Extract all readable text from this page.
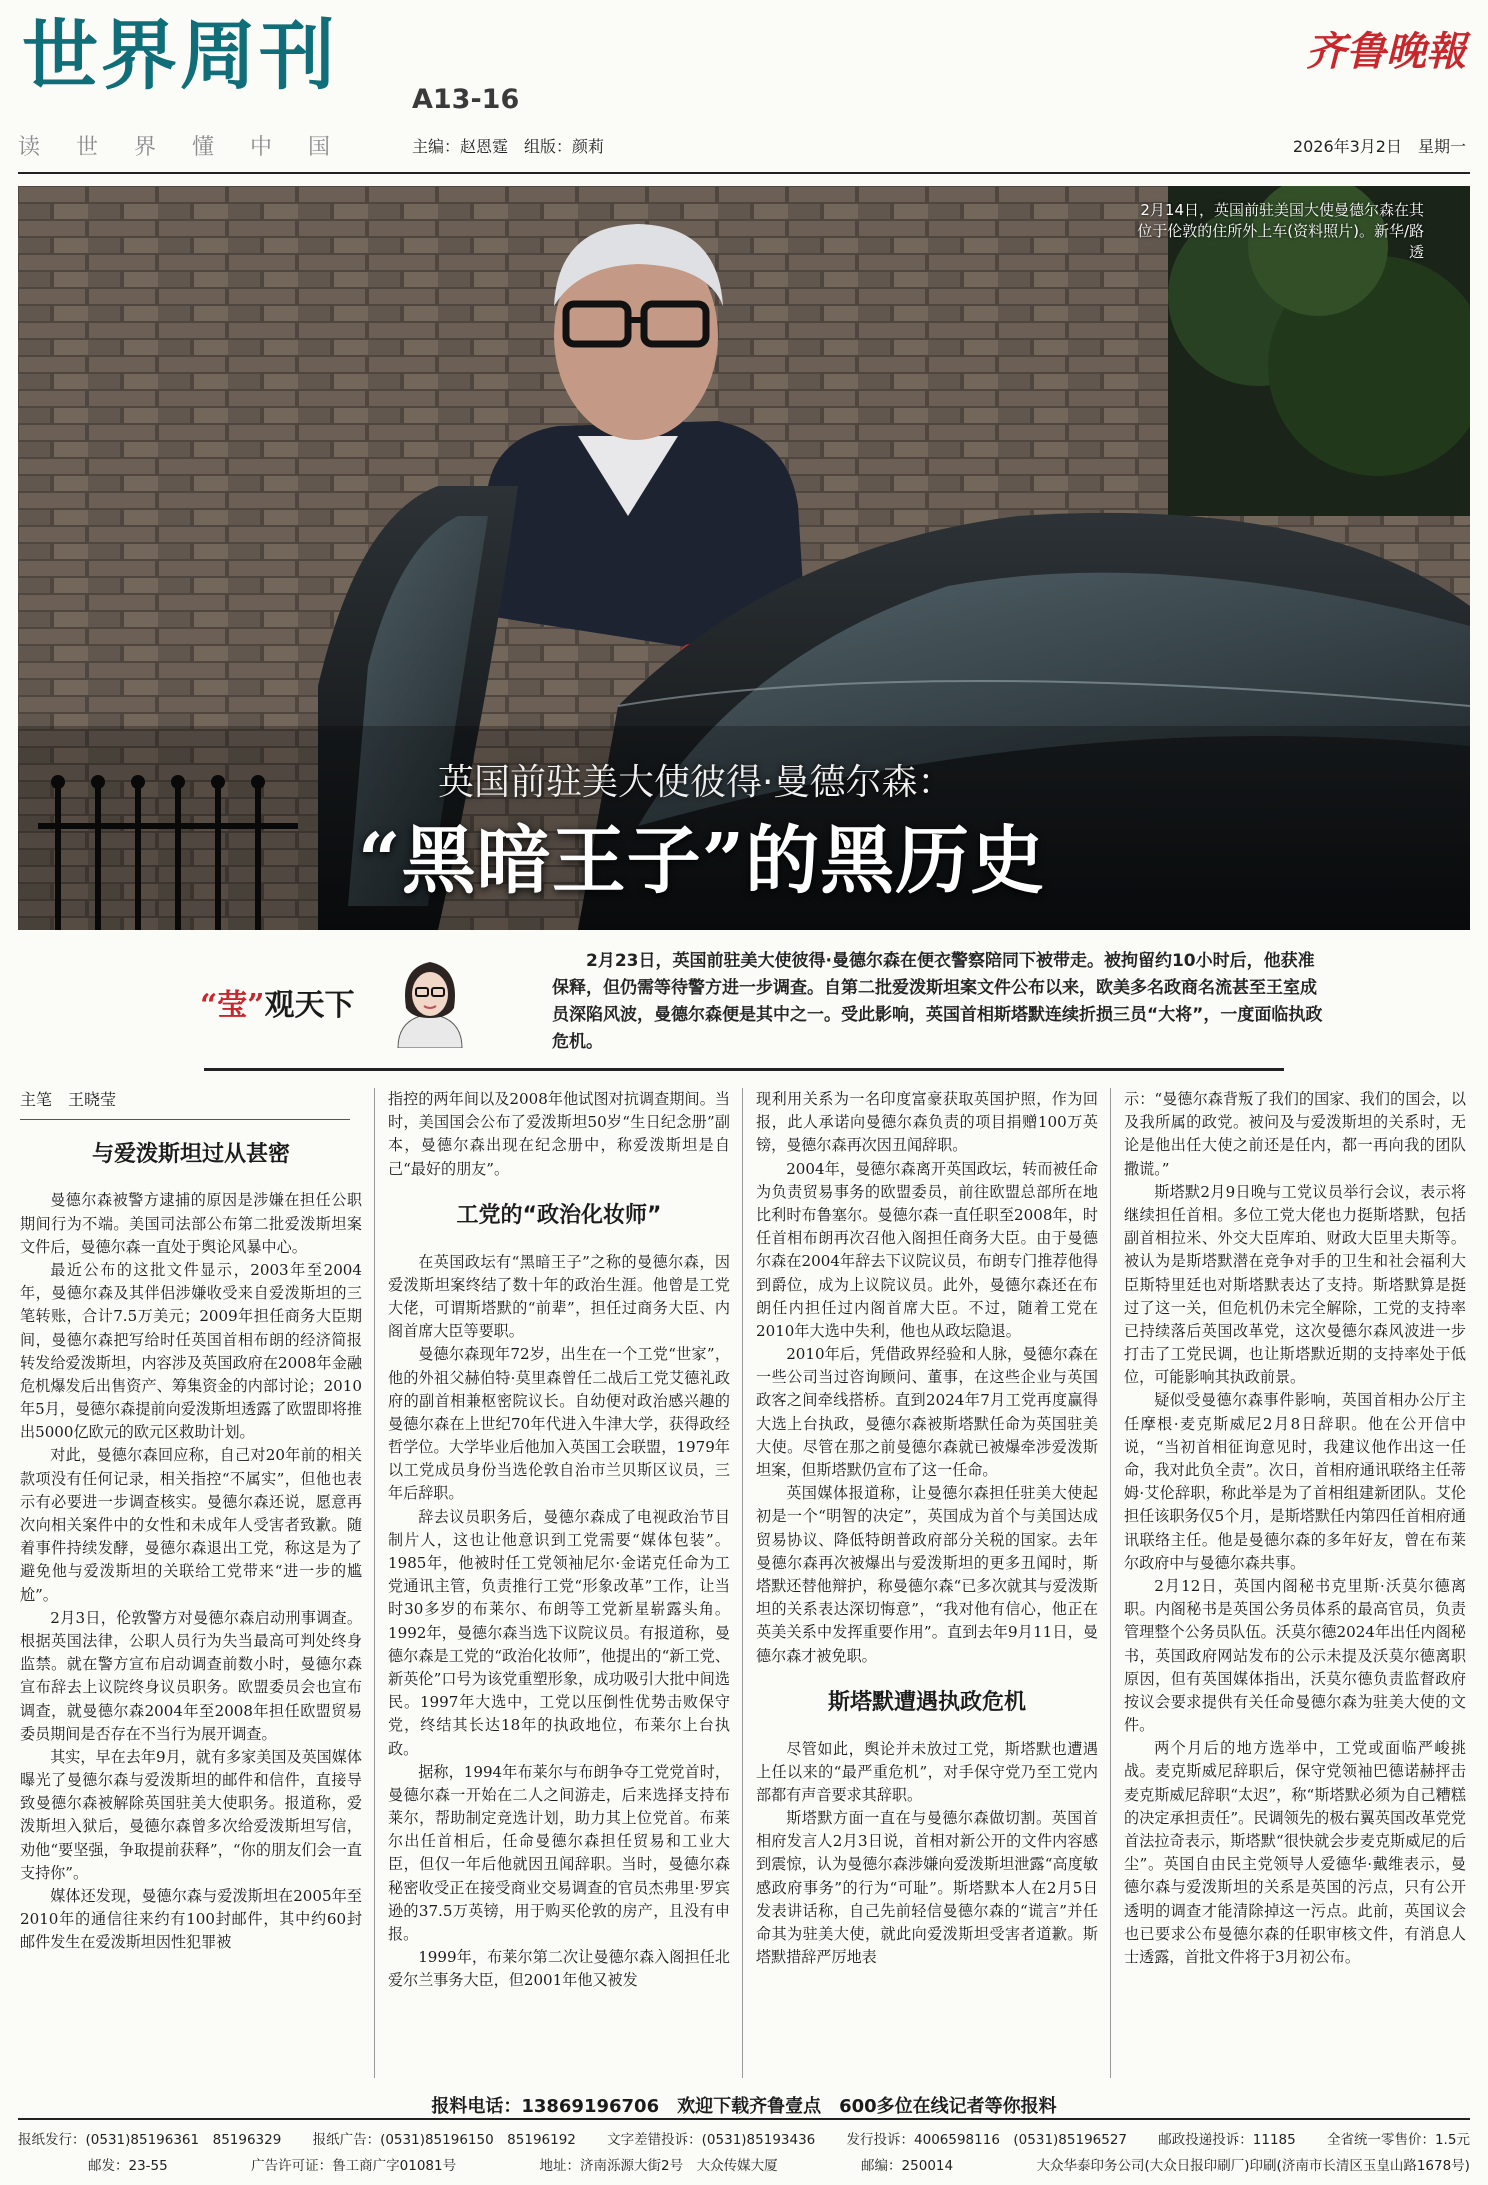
世界周刊	A13-16
齐鲁晚報
读世界懂中国	主编：赵恩霆　组版：颜莉	2026年3月2日　星期一
2月14日，英国前驻美国大使曼德尔森在其位于伦敦的住所外上车(资料照片)。新华/路透
英国前驻美大使彼得·曼德尔森：
“黑暗王子”的黑历史
“莹”观天下
2月23日，英国前驻美大使彼得·曼德尔森在便衣警察陪同下被带走。被拘留约10小时后，他获准保释，但仍需等待警方进一步调查。自第二批爱泼斯坦案文件公布以来，欧美多名政商名流甚至王室成员深陷风波，曼德尔森便是其中之一。受此影响，英国首相斯塔默连续折损三员“大将”，一度面临执政危机。
主笔　王晓莹
与爱泼斯坦过从甚密

曼德尔森被警方逮捕的原因是涉嫌在担任公职期间行为不端。美国司法部公布第二批爱泼斯坦案文件后，曼德尔森一直处于舆论风暴中心。

最近公布的这批文件显示，2003年至2004年，曼德尔森及其伴侣涉嫌收受来自爱泼斯坦的三笔转账，合计7.5万美元；2009年担任商务大臣期间，曼德尔森把写给时任英国首相布朗的经济简报转发给爱泼斯坦，内容涉及英国政府在2008年金融危机爆发后出售资产、筹集资金的内部讨论；2010年5月，曼德尔森提前向爱泼斯坦透露了欧盟即将推出5000亿欧元的欧元区救助计划。

对此，曼德尔森回应称，自己对20年前的相关款项没有任何记录，相关指控“不属实”，但他也表示有必要进一步调查核实。曼德尔森还说，愿意再次向相关案件中的女性和未成年人受害者致歉。随着事件持续发酵，曼德尔森退出工党，称这是为了避免他与爱泼斯坦的关联给工党带来“进一步的尴尬”。

2月3日，伦敦警方对曼德尔森启动刑事调查。根据英国法律，公职人员行为失当最高可判处终身监禁。就在警方宣布启动调查前数小时，曼德尔森宣布辞去上议院终身议员职务。欧盟委员会也宣布调查，就曼德尔森2004年至2008年担任欧盟贸易委员期间是否存在不当行为展开调查。

其实，早在去年9月，就有多家美国及英国媒体曝光了曼德尔森与爱泼斯坦的邮件和信件，直接导致曼德尔森被解除英国驻美大使职务。报道称，爱泼斯坦入狱后，曼德尔森曾多次给爱泼斯坦写信，劝他“要坚强，争取提前获释”，“你的朋友们会一直支持你”。

媒体还发现，曼德尔森与爱泼斯坦在2005年至2010年的通信往来约有100封邮件，其中约60封邮件发生在爱泼斯坦因性犯罪被

指控的两年间以及2008年他试图对抗调查期间。当时，美国国会公布了爱泼斯坦50岁“生日纪念册”副本，曼德尔森出现在纪念册中，称爱泼斯坦是自己“最好的朋友”。

工党的“政治化妆师”

在英国政坛有“黑暗王子”之称的曼德尔森，因爱泼斯坦案终结了数十年的政治生涯。他曾是工党大佬，可谓斯塔默的“前辈”，担任过商务大臣、内阁首席大臣等要职。

曼德尔森现年72岁，出生在一个工党“世家”，他的外祖父赫伯特·莫里森曾任二战后工党艾德礼政府的副首相兼枢密院议长。自幼便对政治感兴趣的曼德尔森在上世纪70年代进入牛津大学，获得政经哲学位。大学毕业后他加入英国工会联盟，1979年以工党成员身份当选伦敦自治市兰贝斯区议员，三年后辞职。

辞去议员职务后，曼德尔森成了电视政治节目制片人，这也让他意识到工党需要“媒体包装”。1985年，他被时任工党领袖尼尔·金诺克任命为工党通讯主管，负责推行工党“形象改革”工作，让当时30多岁的布莱尔、布朗等工党新星崭露头角。1992年，曼德尔森当选下议院议员。有报道称，曼德尔森是工党的“政治化妆师”，他提出的“新工党、新英伦”口号为该党重塑形象，成功吸引大批中间选民。1997年大选中，工党以压倒性优势击败保守党，终结其长达18年的执政地位，布莱尔上台执政。

据称，1994年布莱尔与布朗争夺工党党首时，曼德尔森一开始在二人之间游走，后来选择支持布莱尔，帮助制定竞选计划，助力其上位党首。布莱尔出任首相后，任命曼德尔森担任贸易和工业大臣，但仅一年后他就因丑闻辞职。当时，曼德尔森秘密收受正在接受商业交易调查的官员杰弗里·罗宾逊的37.5万英镑，用于购买伦敦的房产，且没有申报。

1999年，布莱尔第二次让曼德尔森入阁担任北爱尔兰事务大臣，但2001年他又被发

现利用关系为一名印度富豪获取英国护照，作为回报，此人承诺向曼德尔森负责的项目捐赠100万英镑，曼德尔森再次因丑闻辞职。

2004年，曼德尔森离开英国政坛，转而被任命为负责贸易事务的欧盟委员，前往欧盟总部所在地比利时布鲁塞尔。曼德尔森一直任职至2008年，时任首相布朗再次召他入阁担任商务大臣。由于曼德尔森在2004年辞去下议院议员，布朗专门推荐他得到爵位，成为上议院议员。此外，曼德尔森还在布朗任内担任过内阁首席大臣。不过，随着工党在2010年大选中失利，他也从政坛隐退。

2010年后，凭借政界经验和人脉，曼德尔森在一些公司当过咨询顾问、董事，在这些企业与英国政客之间牵线搭桥。直到2024年7月工党再度赢得大选上台执政，曼德尔森被斯塔默任命为英国驻美大使。尽管在那之前曼德尔森就已被爆牵涉爱泼斯坦案，但斯塔默仍宣布了这一任命。

英国媒体报道称，让曼德尔森担任驻美大使起初是一个“明智的决定”，英国成为首个与美国达成贸易协议、降低特朗普政府部分关税的国家。去年曼德尔森再次被爆出与爱泼斯坦的更多丑闻时，斯塔默还替他辩护，称曼德尔森“已多次就其与爱泼斯坦的关系表达深切悔意”，“我对他有信心，他正在英美关系中发挥重要作用”。直到去年9月11日，曼德尔森才被免职。

斯塔默遭遇执政危机

尽管如此，舆论并未放过工党，斯塔默也遭遇上任以来的“最严重危机”，对手保守党乃至工党内部都有声音要求其辞职。

斯塔默方面一直在与曼德尔森做切割。英国首相府发言人2月3日说，首相对新公开的文件内容感到震惊，认为曼德尔森涉嫌向爱泼斯坦泄露“高度敏感政府事务”的行为“可耻”。斯塔默本人在2月5日发表讲话称，自己先前轻信曼德尔森的“谎言”并任命其为驻美大使，就此向爱泼斯坦受害者道歉。斯塔默措辞严厉地表

示：“曼德尔森背叛了我们的国家、我们的国会，以及我所属的政党。被问及与爱泼斯坦的关系时，无论是他出任大使之前还是任内，都一再向我的团队撒谎。”

斯塔默2月9日晚与工党议员举行会议，表示将继续担任首相。多位工党大佬也力挺斯塔默，包括副首相拉米、外交大臣库珀、财政大臣里夫斯等。被认为是斯塔默潜在竞争对手的卫生和社会福利大臣斯特里廷也对斯塔默表达了支持。斯塔默算是挺过了这一关，但危机仍未完全解除，工党的支持率已持续落后英国改革党，这次曼德尔森风波进一步打击了工党民调，也让斯塔默近期的支持率处于低位，可能影响其执政前景。

疑似受曼德尔森事件影响，英国首相办公厅主任摩根·麦克斯威尼2月8日辞职。他在公开信中说，“当初首相征询意见时，我建议他作出这一任命，我对此负全责”。次日，首相府通讯联络主任蒂姆·艾伦辞职，称此举是为了首相组建新团队。艾伦担任该职务仅5个月，是斯塔默任内第四任首相府通讯联络主任。他是曼德尔森的多年好友，曾在布莱尔政府中与曼德尔森共事。

2月12日，英国内阁秘书克里斯·沃莫尔德离职。内阁秘书是英国公务员体系的最高官员，负责管理整个公务员队伍。沃莫尔德2024年出任内阁秘书，英国政府网站发布的公示未提及沃莫尔德离职原因，但有英国媒体指出，沃莫尔德负责监督政府按议会要求提供有关任命曼德尔森为驻美大使的文件。

两个月后的地方选举中，工党或面临严峻挑战。麦克斯威尼辞职后，保守党领袖巴德诺赫抨击麦克斯威尼辞职“太迟”，称“斯塔默必须为自己糟糕的决定承担责任”。民调领先的极右翼英国改革党党首法拉奇表示，斯塔默“很快就会步麦克斯威尼的后尘”。英国自由民主党领导人爱德华·戴维表示，曼德尔森与爱泼斯坦的关系是英国的污点，只有公开透明的调查才能清除掉这一污点。此前，英国议会也已要求公布曼德尔森的任职审核文件，有消息人士透露，首批文件将于3月初公布。

报料电话：13869196706　欢迎下载齐鲁壹点　600多位在线记者等你报料
报纸发行：(0531)85196361　85196329 报纸广告：(0531)85196150　85196192 文字差错投诉：(0531)85193436 发行投诉：4006598116　(0531)85196527 邮政投递投诉：11185 全省统一零售价：1.5元
邮发：23-55	广告许可证：鲁工商广字01081号	地址：济南泺源大街2号　大众传媒大厦	邮编：250014	大众华泰印务公司(大众日报印刷厂)印刷(济南市长清区玉皇山路1678号)
